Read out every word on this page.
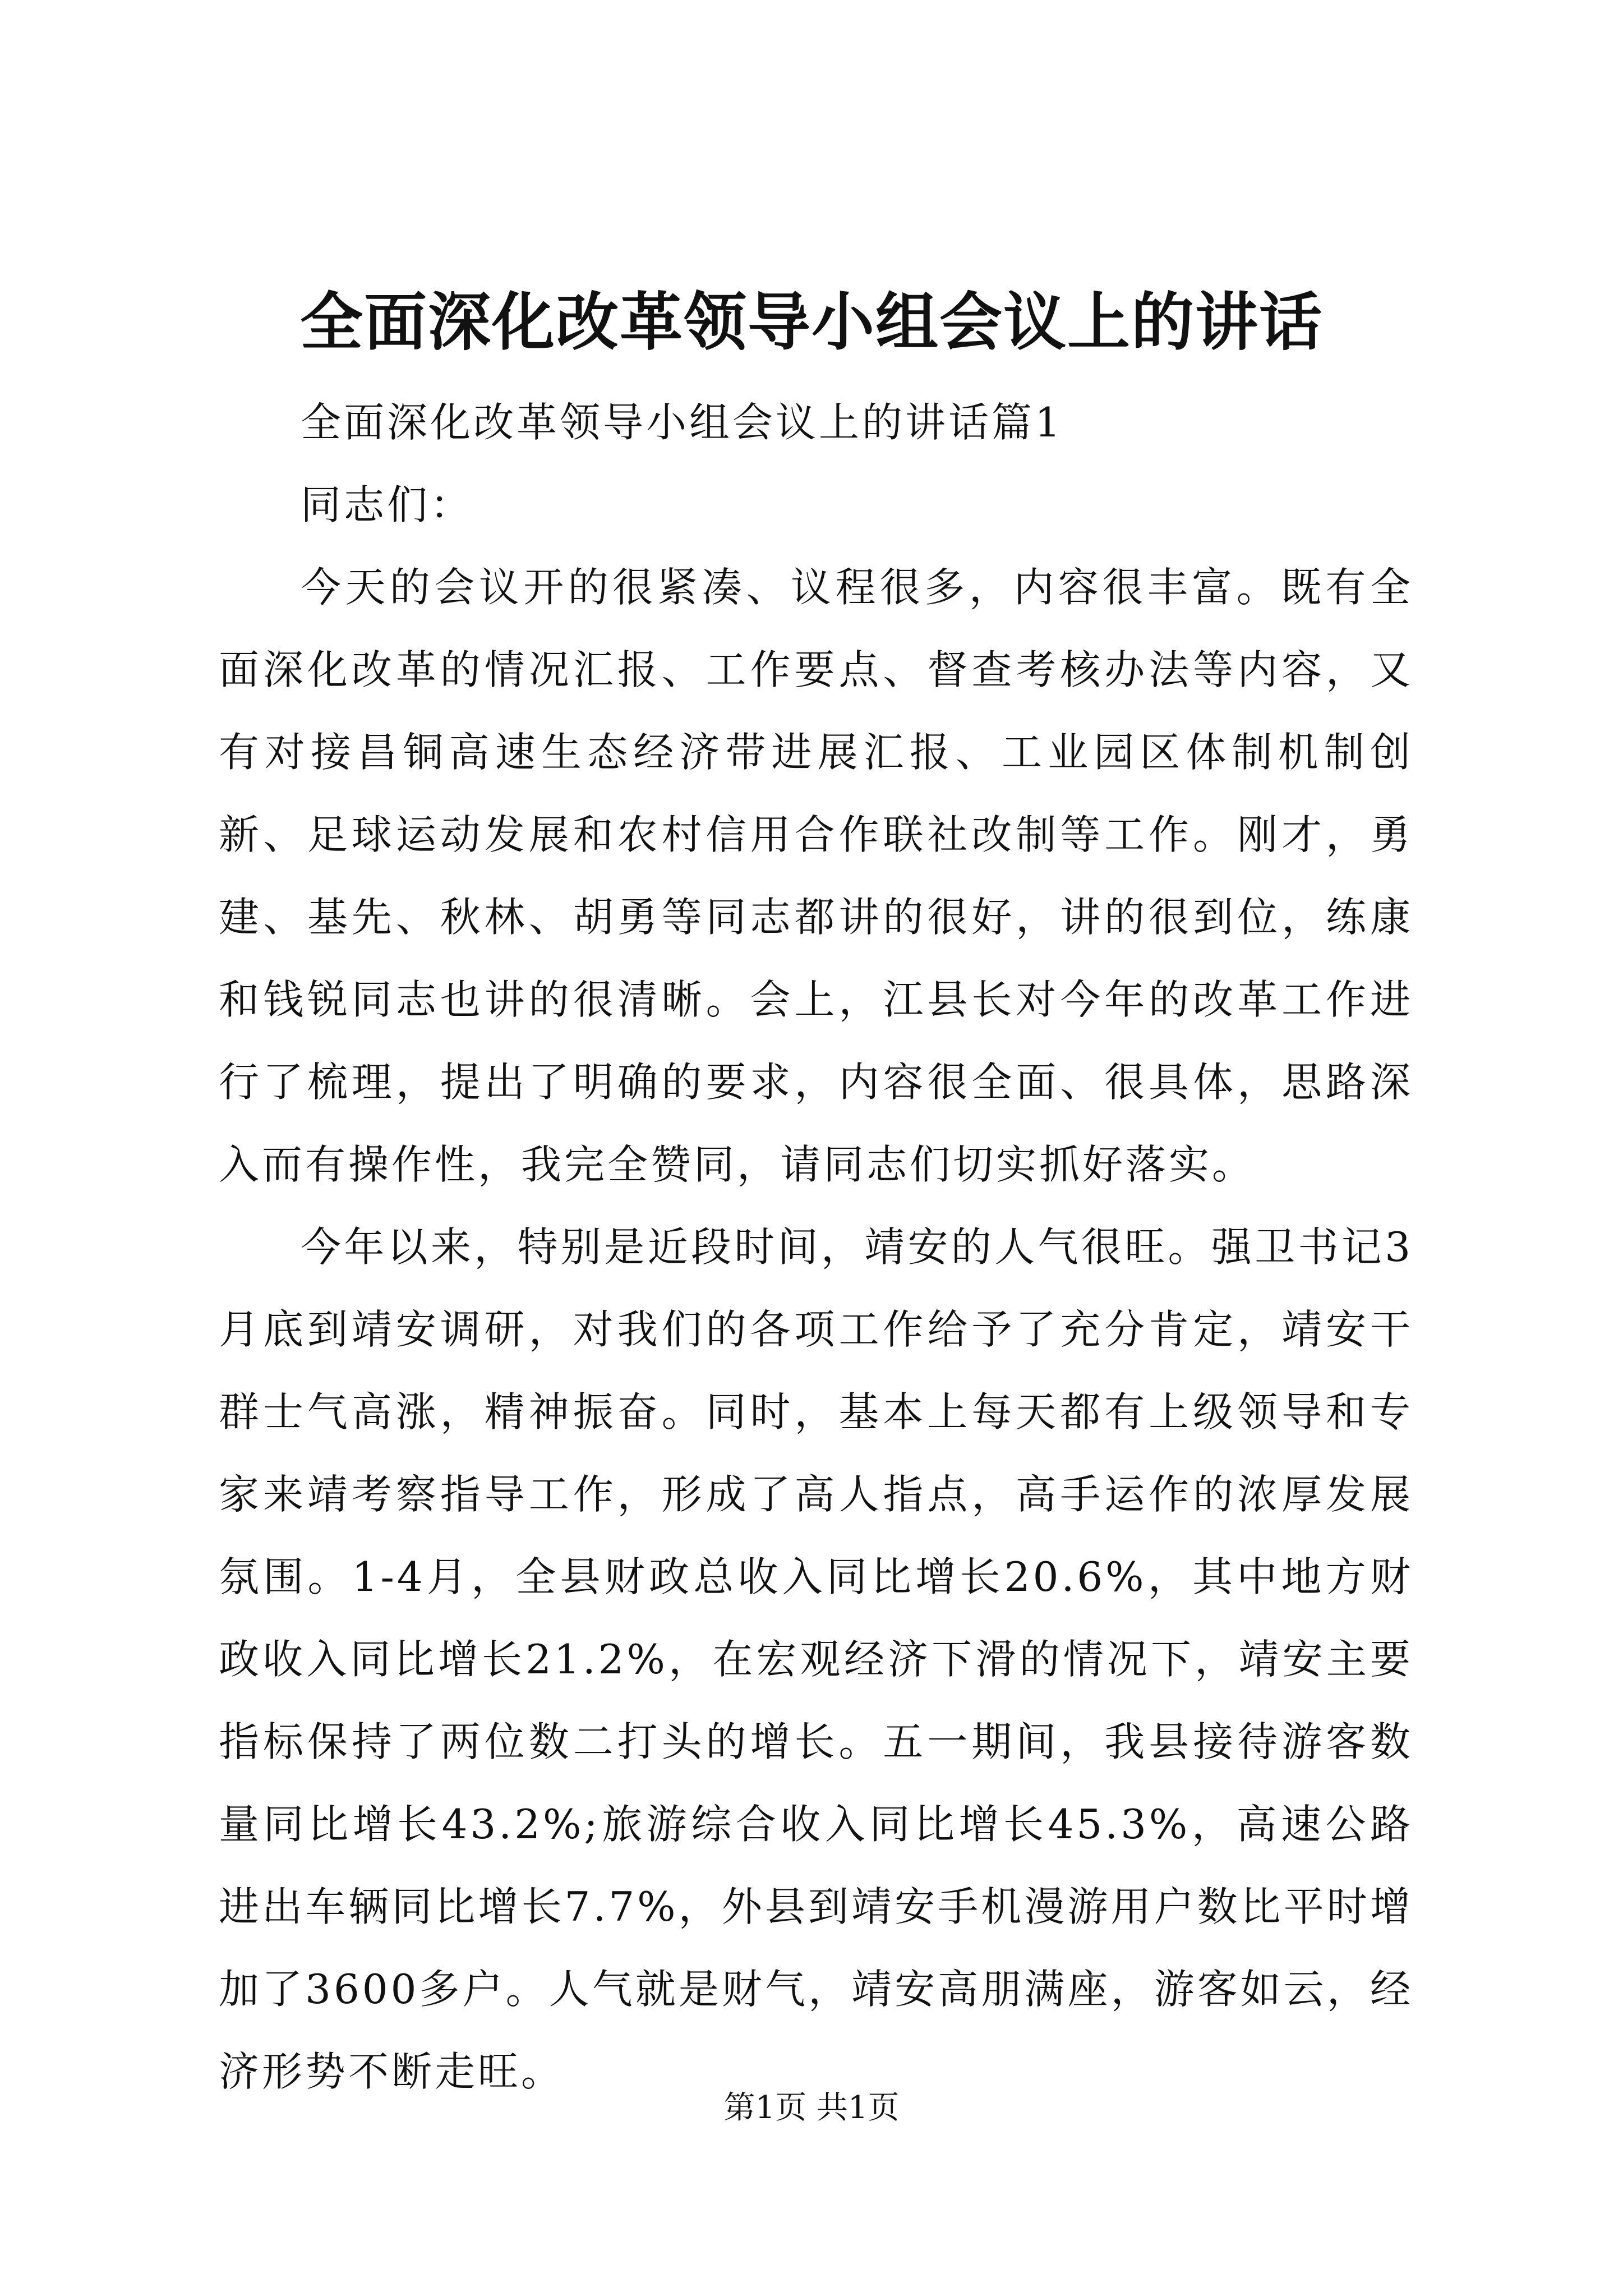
全面深化改革领导小组会议上的讲话

全面深化改革领导小组会议上的讲话篇1

同志们：

今天的会议开的很紧凑、议程很多，内容很丰富。既有全面深化改革的情况汇报、工作要点、督查考核办法等内容，又有对接昌铜高速生态经济带进展汇报、工业园区体制机制创新、足球运动发展和农村信用合作联社改制等工作。刚才，勇建、基先、秋林、胡勇等同志都讲的很好，讲的很到位，练康和钱锐同志也讲的很清晰。会上，江县长对今年的改革工作进行了梳理，提出了明确的要求，内容很全面、很具体，思路深入而有操作性，我完全赞同，请同志们切实抓好落实。

今年以来，特别是近段时间，靖安的人气很旺。强卫书记3月底到靖安调研，对我们的各项工作给予了充分肯定，靖安干群士气高涨，精神振奋。同时，基本上每天都有上级领导和专家来靖考察指导工作，形成了高人指点，高手运作的浓厚发展氛围。1-4月，全县财政总收入同比增长20.6%，其中地方财政收入同比增长21.2%，在宏观经济下滑的情况下，靖安主要指标保持了两位数二打头的增长。五一期间，我县接待游客数量同比增长43.2%;旅游综合收入同比增长45.3%，高速公路进出车辆同比增长7.7%，外县到靖安手机漫游用户数比平时增加了3600多户。人气就是财气，靖安高朋满座，游客如云，经济形势不断走旺。

第1页 共1页
